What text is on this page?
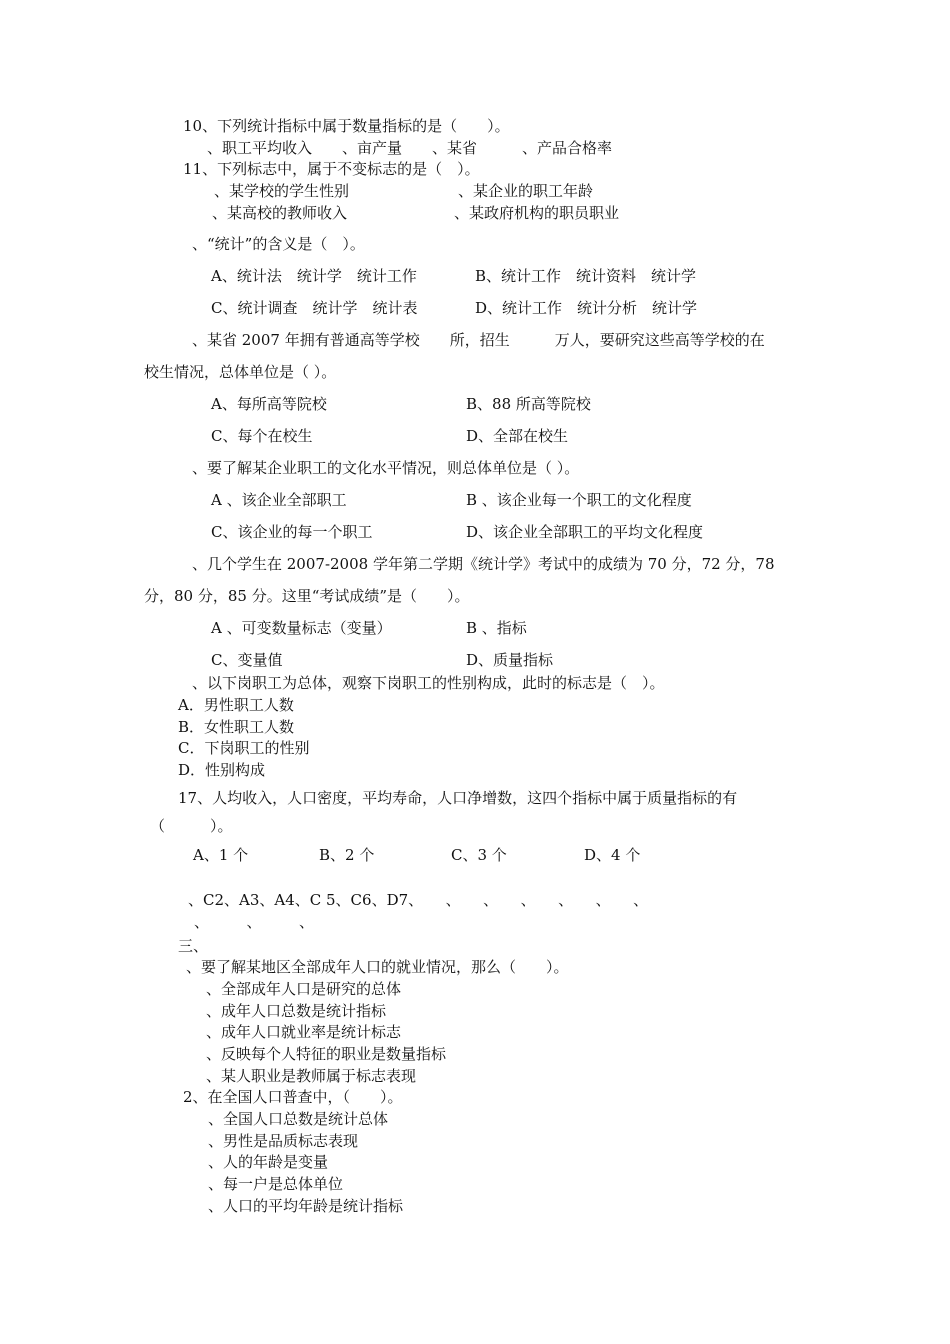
10、下列统计指标中属于数量指标的是（　　）。
、职工平均收入　　、亩产量　　、某省　　　、产品合格率
11、下列标志中，属于不变标志的是（　）。
、某学校的学生性别	、某企业的职工年龄
、某高校的教师收入	、某政府机构的职员职业
、“统计”的含义是（　）。
A、统计法　统计学　统计工作	B、统计工作　统计资料　统计学
C、统计调查　统计学　统计表	D、统计工作　统计分析　统计学
、某省 2007 年拥有普通高等学校　　所，招生　　　万人，要研究这些高等学校的在
校生情况，总体单位是（ ）。
A、每所高等院校	B、88 所高等院校
C、每个在校生	D、全部在校生
、要了解某企业职工的文化水平情况，则总体单位是（ ）。
A 、该企业全部职工	B 、该企业每一个职工的文化程度
C、该企业的每一个职工	D、该企业全部职工的平均文化程度
、几个学生在 2007-2008 学年第二学期《统计学》考试中的成绩为 70 分，72 分，78
分，80 分，85 分。这里“考试成绩”是（　　）。
A 、可变数量标志（变量）	B 、指标
C、变量值	D、质量指标
、以下岗职工为总体，观察下岗职工的性别构成，此时的标志是（　）。
A．男性职工人数
B．女性职工人数
C．下岗职工的性别
D．性别构成
17、人均收入，人口密度，平均寿命，人口净增数，这四个指标中属于质量指标的有
（　　　）。
A、1 个	B、2 个	C、3 个	D、4 个
、C2、A3、A4、C 5、C6、D7、　　、　　、　　、　　、　　、　　、
、　　　、　　　、
三、
、要了解某地区全部成年人口的就业情况，那么（　　）。
、全部成年人口是研究的总体
、成年人口总数是统计指标
、成年人口就业率是统计标志
、反映每个人特征的职业是数量指标
、某人职业是教师属于标志表现
2、在全国人口普查中，（　　）。
、全国人口总数是统计总体
、男性是品质标志表现
、人的年龄是变量
、每一户是总体单位
、人口的平均年龄是统计指标
